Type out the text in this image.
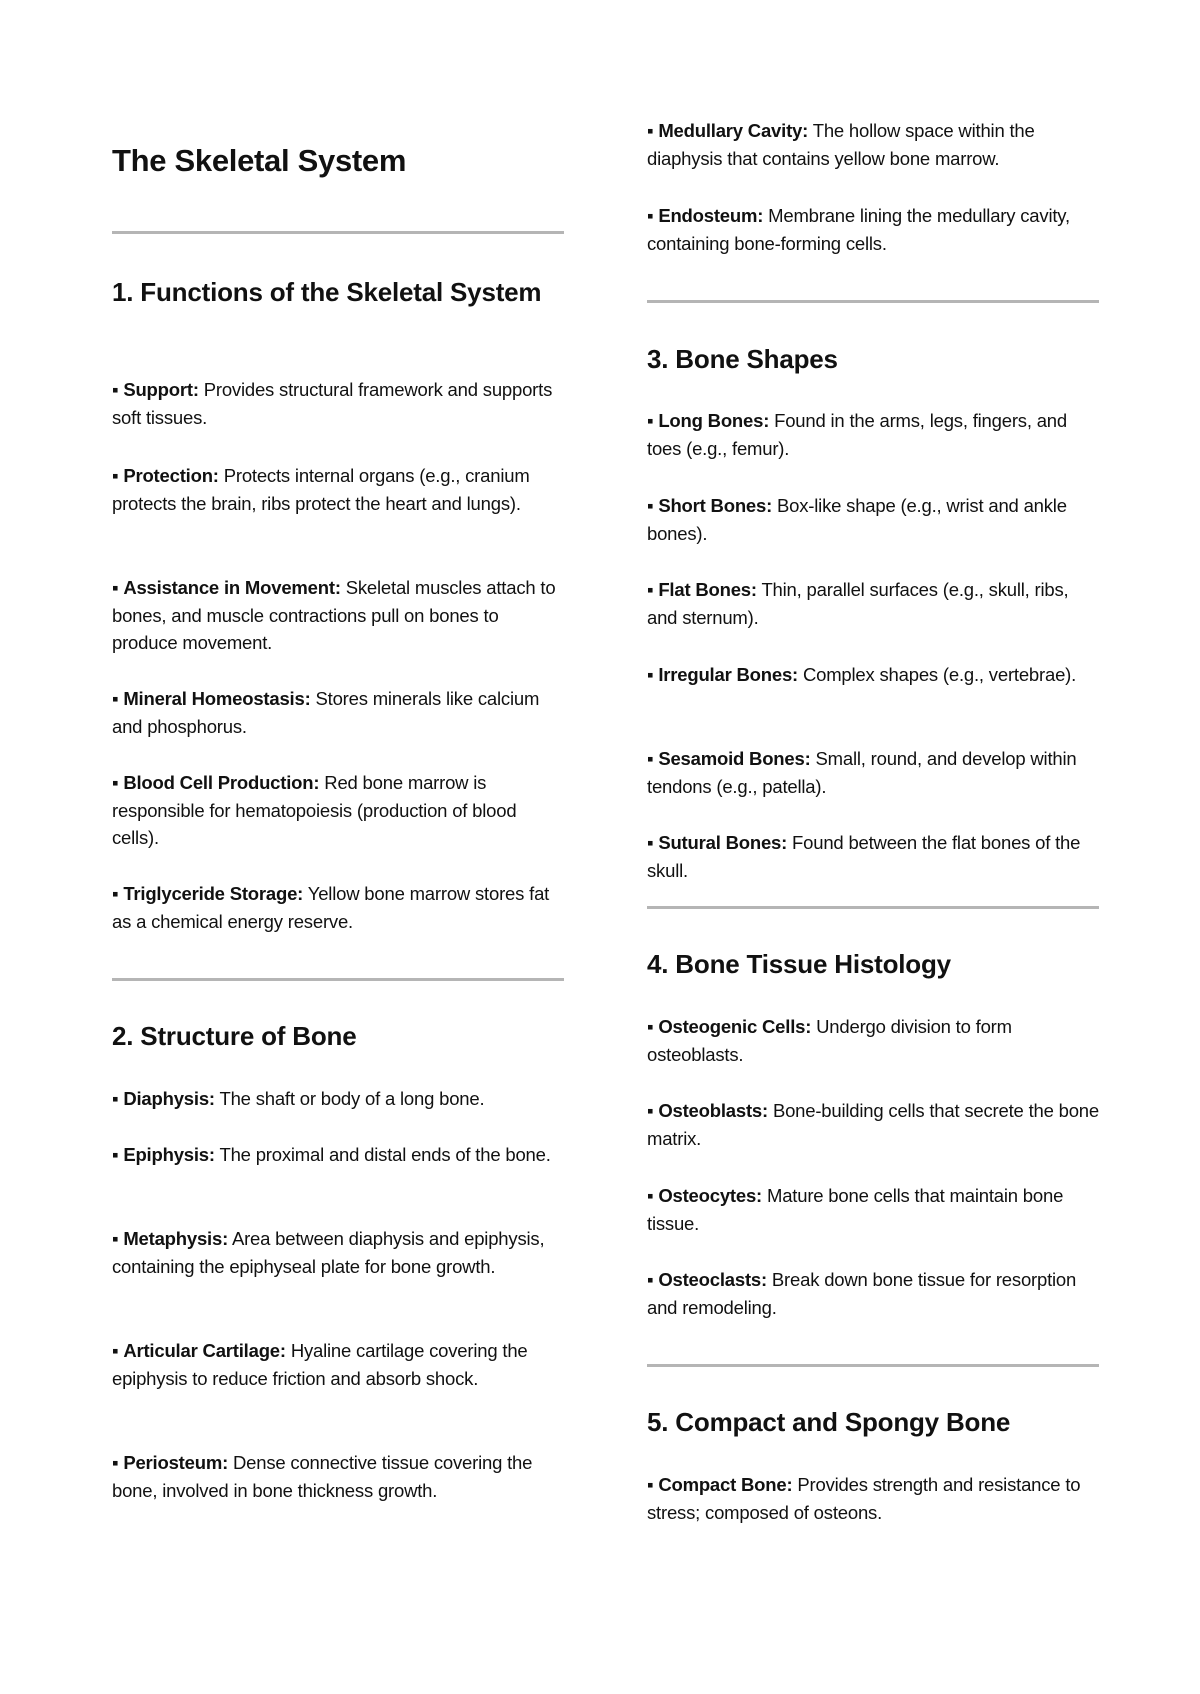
The Skeletal System
1. Functions of the Skeletal System

▪ Support: Provides structural framework and supports soft tissues.

▪ Protection: Protects internal organs (e.g., cranium protects the brain, ribs protect the heart and lungs).

▪ Assistance in Movement: Skeletal muscles attach to bones, and muscle contractions pull on bones to produce movement.

▪ Mineral Homeostasis: Stores minerals like calcium and phosphorus.

▪ Blood Cell Production: Red bone marrow is responsible for hematopoiesis (production of blood cells).

▪ Triglyceride Storage: Yellow bone marrow stores fat as a chemical energy reserve.

2. Structure of Bone

▪ Diaphysis: The shaft or body of a long bone.

▪ Epiphysis: The proximal and distal ends of the bone.

▪ Metaphysis: Area between diaphysis and epiphysis, containing the epiphyseal plate for bone growth.

▪ Articular Cartilage: Hyaline cartilage covering the epiphysis to reduce friction and absorb shock.

▪ Periosteum: Dense connective tissue covering the bone, involved in bone thickness growth.

▪ Medullary Cavity: The hollow space within the diaphysis that contains yellow bone marrow.

▪ Endosteum: Membrane lining the medullary cavity, containing bone-forming cells.

3. Bone Shapes

▪ Long Bones: Found in the arms, legs, fingers, and toes (e.g., femur).

▪ Short Bones: Box-like shape (e.g., wrist and ankle bones).

▪ Flat Bones: Thin, parallel surfaces (e.g., skull, ribs, and sternum).

▪ Irregular Bones: Complex shapes (e.g., vertebrae).

▪ Sesamoid Bones: Small, round, and develop within tendons (e.g., patella).

▪ Sutural Bones: Found between the flat bones of the skull.

4. Bone Tissue Histology

▪ Osteogenic Cells: Undergo division to form osteoblasts.

▪ Osteoblasts: Bone-building cells that secrete the bone matrix.

▪ Osteocytes: Mature bone cells that maintain bone tissue.

▪ Osteoclasts: Break down bone tissue for resorption and remodeling.

5. Compact and Spongy Bone

▪ Compact Bone: Provides strength and resistance to stress; composed of osteons.
